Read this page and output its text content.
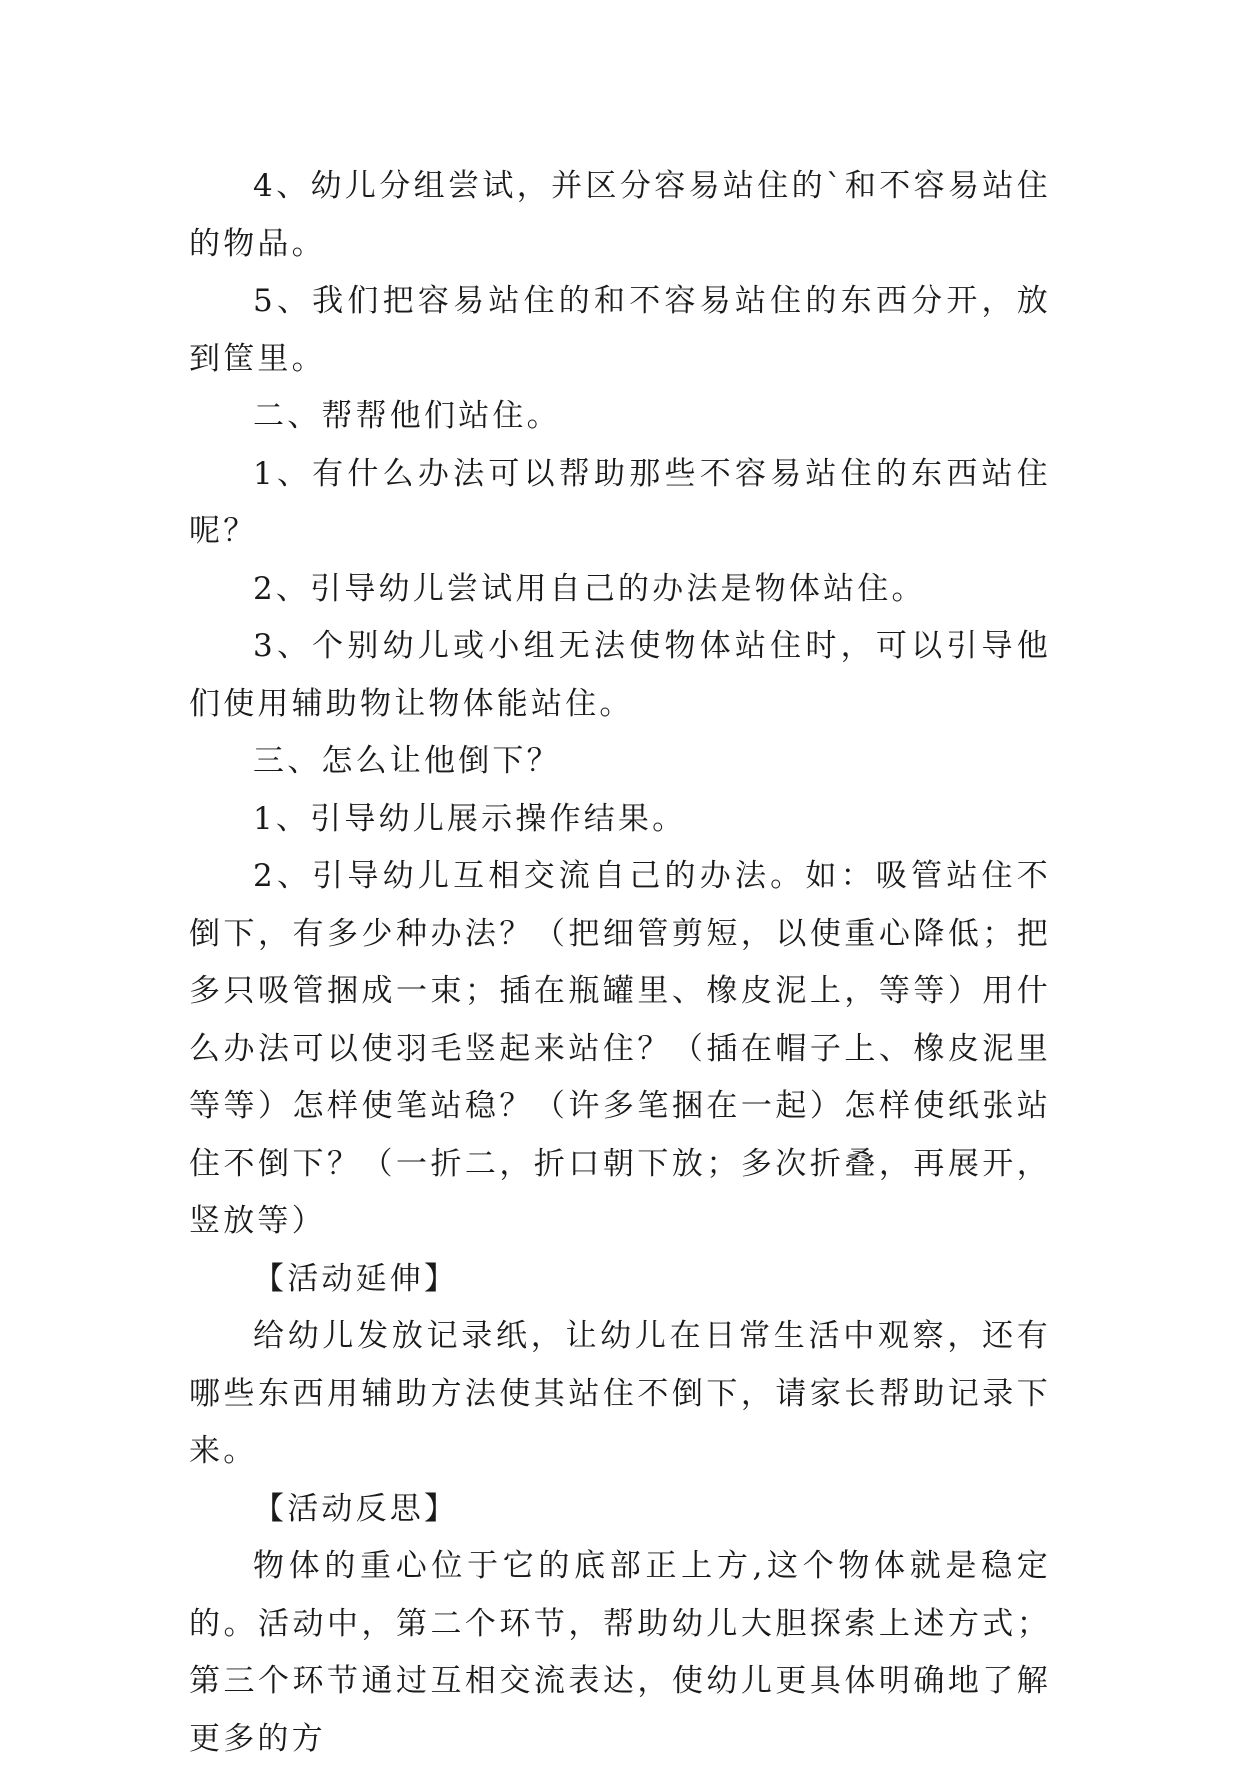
4、幼儿分组尝试，并区分容易站住的`和不容易站住的物品。

5、我们把容易站住的和不容易站住的东西分开，放到筐里。

二、帮帮他们站住。

1、有什么办法可以帮助那些不容易站住的东西站住呢？

2、引导幼儿尝试用自己的办法是物体站住。

3、个别幼儿或小组无法使物体站住时，可以引导他们使用辅助物让物体能站住。

三、怎么让他倒下？

1、引导幼儿展示操作结果。

2、引导幼儿互相交流自己的办法。如：吸管站住不倒下，有多少种办法？（把细管剪短，以使重心降低；把多只吸管捆成一束；插在瓶罐里、橡皮泥上，等等）用什么办法可以使羽毛竖起来站住？（插在帽子上、橡皮泥里等等）怎样使笔站稳？（许多笔捆在一起）怎样使纸张站住不倒下？（一折二，折口朝下放；多次折叠，再展开，竖放等）

【活动延伸】

给幼儿发放记录纸，让幼儿在日常生活中观察，还有哪些东西用辅助方法使其站住不倒下，请家长帮助记录下来。

【活动反思】

物体的重心位于它的底部正上方,这个物体就是稳定的。活动中，第二个环节，帮助幼儿大胆探索上述方式；第三个环节通过互相交流表达，使幼儿更具体明确地了解更多的方
